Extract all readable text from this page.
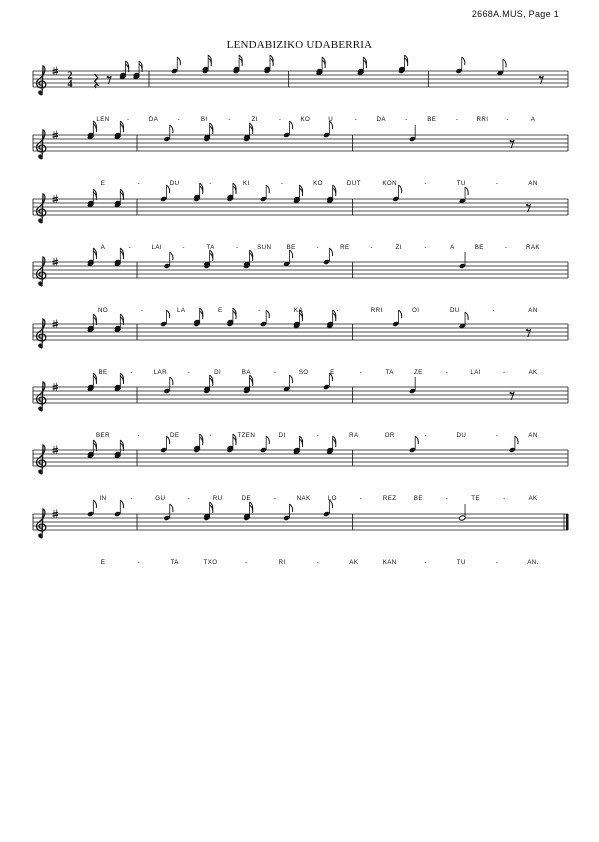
2668A.MUS, Page 1
LENDABIZIKO UDABERRIA
2
4
LEN	-	DA	-	BI	-	ZI	-	KO	U	-	DA	-	BE	-	RRI	-	A
E	-	DU	-	KI	-	KO	DUT	KON	-	TU	-	AN
A	-	LAI	-	TA	-	SUN BE	-	RE	-	ZI	-	A	BE	-	RAK
NO	-	LA	E	-	KA	-	RRI	OI	DU	-	AN
BE	-	LAR	-	DI	BA	-	SO	E	-	TA	ZE	-	LAI	-	AK
BER	-	DE	-	TZEN	DI	-	RA	OR	-	DU	-	AN
IN	-	GU	-	RU	DE	-	NAK	LO	-	REZ	BE	-	TE	-	AK
E	-	TA	TXO	-	RI	-	AK	KAN	-	TU	-	AN.
